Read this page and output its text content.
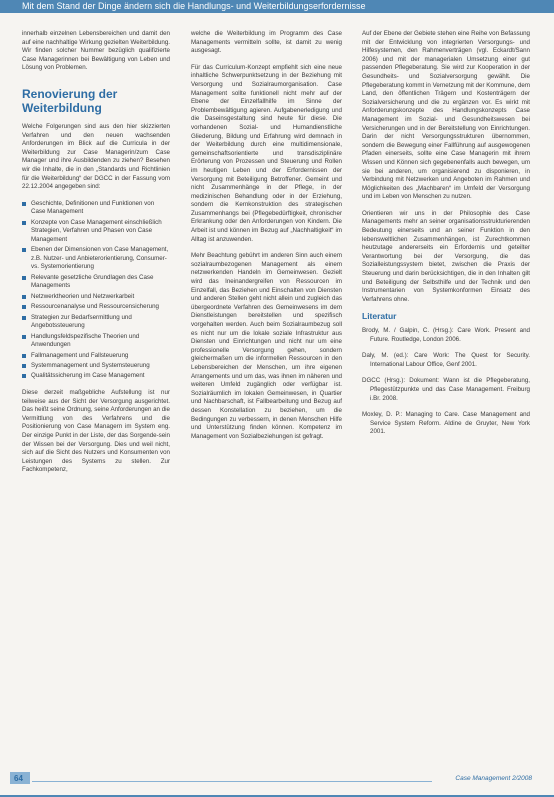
Mit dem Stand der Dinge ändern sich die Handlungs- und Weiterbildungserfordernisse

innerhalb einzelnen Lebensbereichen und damit den auf eine nachhaltige Wirkung gezielten Weiterbildung. Wir finden solcher Nummer bezüglich qualifizierte Case Managerinnen bei Bewältigung von Leben und Lösung von Problemen.

Renovierung der Weiterbildung

Welche Folgerungen sind aus den hier skizzierten Verfahren und den neuen wachsenden Anforderungen im Blick auf die Curricula in der Weiterbildung zur Case Managerin/zum Case Manager und ihre Ausbildenden zu ziehen? Besehen wir die Inhalte, die in den „Standards und Richtlinien für die Weiterbildung“ der DGCC in der Fassung vom 22.12.2004 angegeben sind:

Geschichte, Definitionen und Funktionen von Case Management
Konzepte von Case Management einschließlich Strategien, Verfahren und Phasen von Case Management
Ebenen der Dimensionen von Case Management, z.B. Nutzer- und Anbieterorientierung, Consumer- vs. Systemorientierung
Relevante gesetzliche Grundlagen des Case Managements
Netzwerktheorien und Netzwerkarbeit
Ressourcenanalyse und Ressourcensicherung
Strategien zur Bedarfsermittlung und Angebotssteuerung
Handlungsfeldspezifische Theorien und Anwendungen
Fallmanagement und Fallsteuerung
Systemmanagement und Systemsteuerung
Qualitätssicherung im Case Management

Diese derzeit maßgebliche Aufstellung ist nur teilweise aus der Sicht der Versorgung ausgerichtet. Das heißt seine Ordnung, seine Anforderungen an die Vermittlung von des Verfahrens und die Positionierung von Case Managern im System eng. Der einzige Punkt in der Liste, der das Sorgende-sein der Wissen bei der Versorgung. Dies und weil nicht, sich auf die Sicht des Nutzers und Konsumenten von Leistungen des Systems zu stellen. Zur Fachkompetenz,

welche die Weiterbildung im Programm des Case Managements vermitteln sollte, ist damit zu wenig ausgesagt.

Für das Curriculum-Konzept empfiehlt sich eine neue inhaltliche Schwerpunktsetzung in der Beziehung mit Versorgung und Sozialraumorganisation. Case Management sollte funktionell nicht mehr auf der Ebene der Einzelfallhilfe im Sinne der Problembewältigung agieren. Aufgabenerledigung und die Daseinsgestaltung sind heute für diese. Die vorhandenen Sozial- und Humandienstliche Gliederung, Bildung und Erfahrung wird demnach in der Weiterbildung durch eine multidimensionale, gemeinschaftsorientierte und transdisziplinäre Erörterung von Prozessen und Steuerung und Rollen im heutigen Leben und der Erfordernissen der Versorgung mit Beteiligung Betroffener. Gemeint und nicht Zusammenhänge in der Pflege, in der medizinischen Behandlung oder in der Erziehung, sondern die Kernkonstruktion des strategischen Zusammenhangs bei (Pflegebedürftigkeit, chronischer Erkrankung oder den Anforderungen von Kindern. Die Arbeit ist und können im Bezug auf „Nachhaltigkeit“ im Alltag ist anzuwenden.

Mehr Beachtung gebührt im anderen Sinn auch einem sozialraumbezogenen Management als einem netzwerkenden Handeln im Gemeinwesen. Gezielt wird das Ineinandergreifen von Ressourcen im Einzelfall, das Beziehen und Einschalten von Diensten und anderen Stellen geht nicht allein und zugleich das übergeordnete Verfahren des Gemeinwesens im dem Dienstleistungen bereitstellen und spezifisch vorgehalten werden. Auch beim Sozialraumbezug soll es nicht nur um die lokale soziale Infrastruktur aus Diensten und Einrichtungen und nicht nur um eine professionelle Versorgung gehen, sondern gleichermaßen um die informellen Ressourcen in den Lebensbereichen der Menschen, um ihre eigenen Arrangements und um das, was ihnen im näheren und weiteren Umfeld zugänglich oder verfügbar ist. Sozialräumlich im lokalen Gemeinwesen, in Quartier und Nachbarschaft, ist Fallbearbeitung und Bezug auf dessen Konstellation zu beziehen, um die Bedingungen zu verbessern, in denen Menschen Hilfe und Unterstützung finden können. Kompetenz im Management von Sozialbeziehungen ist gefragt.

Auf der Ebene der Gebiete stehen eine Reihe von Befassung mit der Entwicklung von integrierten Versorgungs- und Hilfesystemen, den Rahmenverträgen (vgl. Eckardt/Sann 2006) und mit der managerialen Umsetzung einer gut passenden Pflegeberatung. Sie wird zur Kooperation in der Gesundheits- und Sozialversorgung gewählt. Die Pflegeberatung kommt in Vernetzung mit der Kommune, dem Land, den öffentlichen Trägern und Kostenträgern der Sozialversicherung und die zu ergänzen vor. Es wirkt mit Anforderungskonzepte des Handlungskonzepts Case Management im Sozial- und Gesundheitswesen bei Versicherungen und in der Bereitstellung von Einrichtungen. Darin der nicht Versorgungsstrukturen übernommen, sondern die Bewegung einer Fallführung auf ausgewogenen Pfaden einerseits, sollte eine Case Managerin mit ihrem Wissen und Können sich gegebenenfalls auch bewegen, um sie bei anderen, um organisierend zu disponieren, in Verbindung mit Netzwerken und Angeboten im Rahmen und Möglichkeiten des „Machbaren“ im Umfeld der Versorgung und im Leben von Menschen zu nutzen.

Orientieren wir uns in der Philosophie des Case Managements mehr an seiner organisationsstrukturierenden Bedeutung einerseits und an seiner Funktion in den lebensweltlichen Zusammenhängen, ist Zurechtkommen heutzutage andererseits ein Erfordernis und geteilter Verantwortung bei der Versorgung, die das Sozialleistungssystem bietet, zwischen die Praxis der Steuerung und darin berücksichtigen, die in den Inhalten gilt und Beteiligung der Selbsthilfe und der Technik und den Instrumentarien von Systemkonformen Einsatz des Verfahrens ohne.

Literatur

Brody, M. / Galpin, C. (Hrsg.): Care Work. Present and Future. Routledge, London 2006.

Daly, M. (ed.): Care Work: The Quest for Security. International Labour Office, Genf 2001.

DGCC (Hrsg.): Dokument: Wann ist die Pflegeberatung, Pflegestützpunkte und das Case Management. Freiburg i.Br. 2008.

Moxley, D. P.: Managing to Care. Case Management and Service System Reform. Aldine de Gruyter, New York 2001.

64	Case Management 2/2008
